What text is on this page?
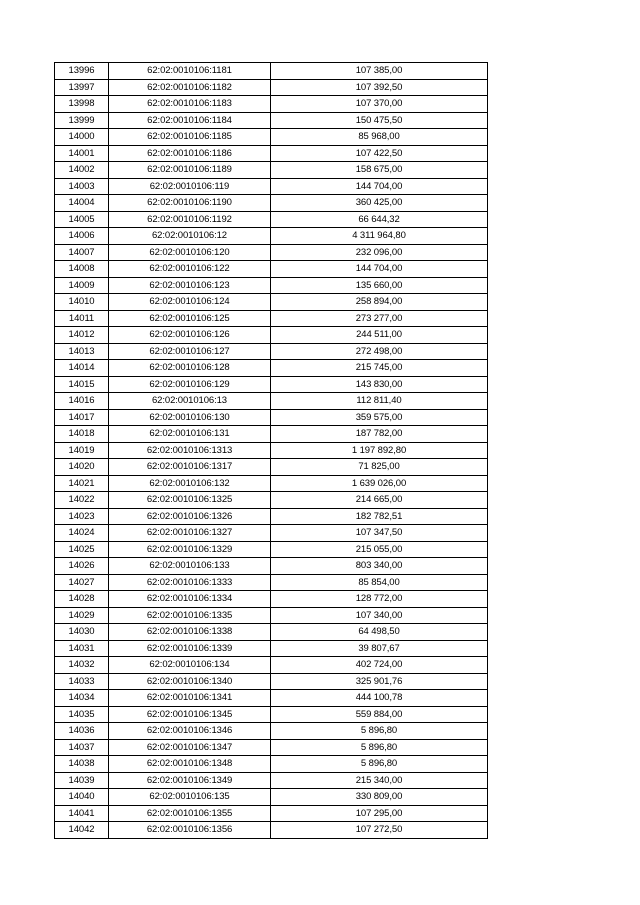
13996	62:02:0010106:1181	107 385,00
13997	62:02:0010106:1182	107 392,50
13998	62:02:0010106:1183	107 370,00
13999	62:02:0010106:1184	150 475,50
14000	62:02:0010106:1185	85 968,00
14001	62:02:0010106:1186	107 422,50
14002	62:02:0010106:1189	158 675,00
14003	62:02:0010106:119	144 704,00
14004	62:02:0010106:1190	360 425,00
14005	62:02:0010106:1192	66 644,32
14006	62:02:0010106:12	4 311 964,80
14007	62:02:0010106:120	232 096,00
14008	62:02:0010106:122	144 704,00
14009	62:02:0010106:123	135 660,00
14010	62:02:0010106:124	258 894,00
14011	62:02:0010106:125	273 277,00
14012	62:02:0010106:126	244 511,00
14013	62:02:0010106:127	272 498,00
14014	62:02:0010106:128	215 745,00
14015	62:02:0010106:129	143 830,00
14016	62:02:0010106:13	112 811,40
14017	62:02:0010106:130	359 575,00
14018	62:02:0010106:131	187 782,00
14019	62:02:0010106:1313	1 197 892,80
14020	62:02:0010106:1317	71 825,00
14021	62:02:0010106:132	1 639 026,00
14022	62:02:0010106:1325	214 665,00
14023	62:02:0010106:1326	182 782,51
14024	62:02:0010106:1327	107 347,50
14025	62:02:0010106:1329	215 055,00
14026	62:02:0010106:133	803 340,00
14027	62:02:0010106:1333	85 854,00
14028	62:02:0010106:1334	128 772,00
14029	62:02:0010106:1335	107 340,00
14030	62:02:0010106:1338	64 498,50
14031	62:02:0010106:1339	39 807,67
14032	62:02:0010106:134	402 724,00
14033	62:02:0010106:1340	325 901,76
14034	62:02:0010106:1341	444 100,78
14035	62:02:0010106:1345	559 884,00
14036	62:02:0010106:1346	5 896,80
14037	62:02:0010106:1347	5 896,80
14038	62:02:0010106:1348	5 896,80
14039	62:02:0010106:1349	215 340,00
14040	62:02:0010106:135	330 809,00
14041	62:02:0010106:1355	107 295,00
14042	62:02:0010106:1356	107 272,50
